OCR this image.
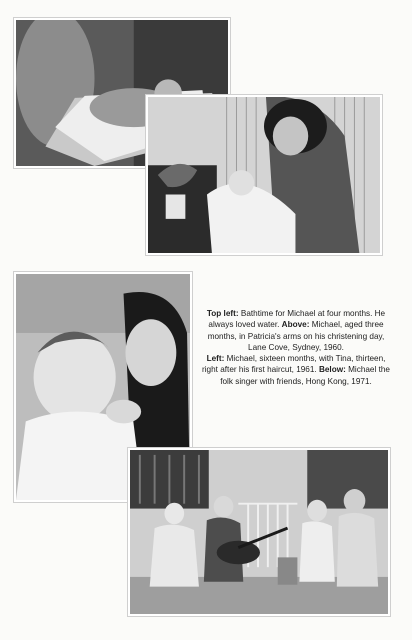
Top left: Bathtime for Michael at four months. He always loved water. Above: Michael, aged three months, in Patricia's arms on his christening day, Lane Cove, Sydney, 1960.
Left: Michael, sixteen months, with Tina, thirteen, right after his first haircut, 1961. Below: Michael the folk singer with friends, Hong Kong, 1971.
